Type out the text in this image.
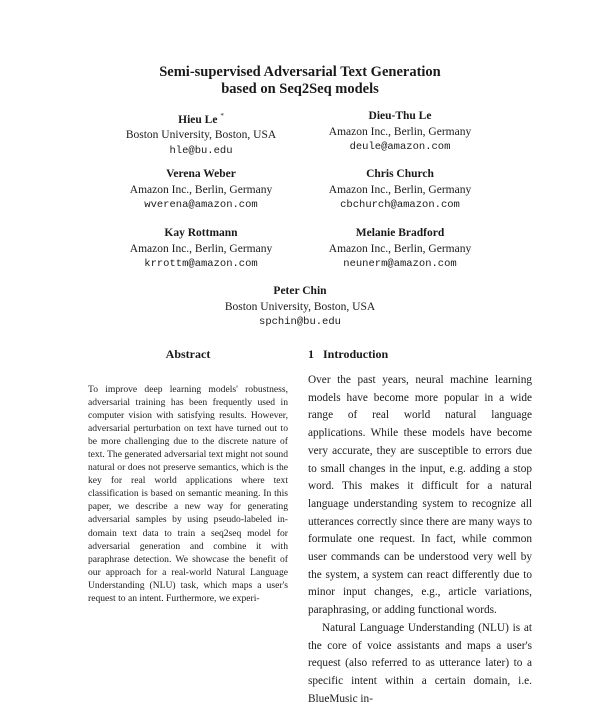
Semi-supervised Adversarial Text Generation
based on Seq2Seq models
Hieu Le *
Boston University, Boston, USA
hle@bu.edu
Dieu-Thu Le
Amazon Inc., Berlin, Germany
deule@amazon.com
Verena Weber
Amazon Inc., Berlin, Germany
wverena@amazon.com
Chris Church
Amazon Inc., Berlin, Germany
cbchurch@amazon.com
Kay Rottmann
Amazon Inc., Berlin, Germany
krrottm@amazon.com
Melanie Bradford
Amazon Inc., Berlin, Germany
neunerm@amazon.com
Peter Chin
Boston University, Boston, USA
spchin@bu.edu
Abstract
To improve deep learning models' robustness, adversarial training has been frequently used in computer vision with satisfying results. However, adversarial perturbation on text have turned out to be more challenging due to the discrete nature of text. The generated adversarial text might not sound natural or does not preserve semantics, which is the key for real world applications where text classification is based on semantic meaning. In this paper, we describe a new way for generating adversarial samples by using pseudo-labeled in-domain text data to train a seq2seq model for adversarial generation and combine it with paraphrase detection. We showcase the benefit of our approach for a real-world Natural Language Understanding (NLU) task, which maps a user's request to an intent. Furthermore, we experi-
1   Introduction

Over the past years, neural machine learning models have become more popular in a wide range of real world natural language applications. While these models have become very accurate, they are susceptible to errors due to small changes in the input, e.g. adding a stop word. This makes it difficult for a natural language understanding system to recognize all utterances correctly since there are many ways to formulate one request. In fact, while common user commands can be understood very well by the system, a system can react differently due to minor input changes, e.g., article variations, paraphrasing, or adding functional words.

Natural Language Understanding (NLU) is at the core of voice assistants and maps a user's request (also referred to as utterance later) to a specific intent within a certain domain, i.e. BlueMusic in-
